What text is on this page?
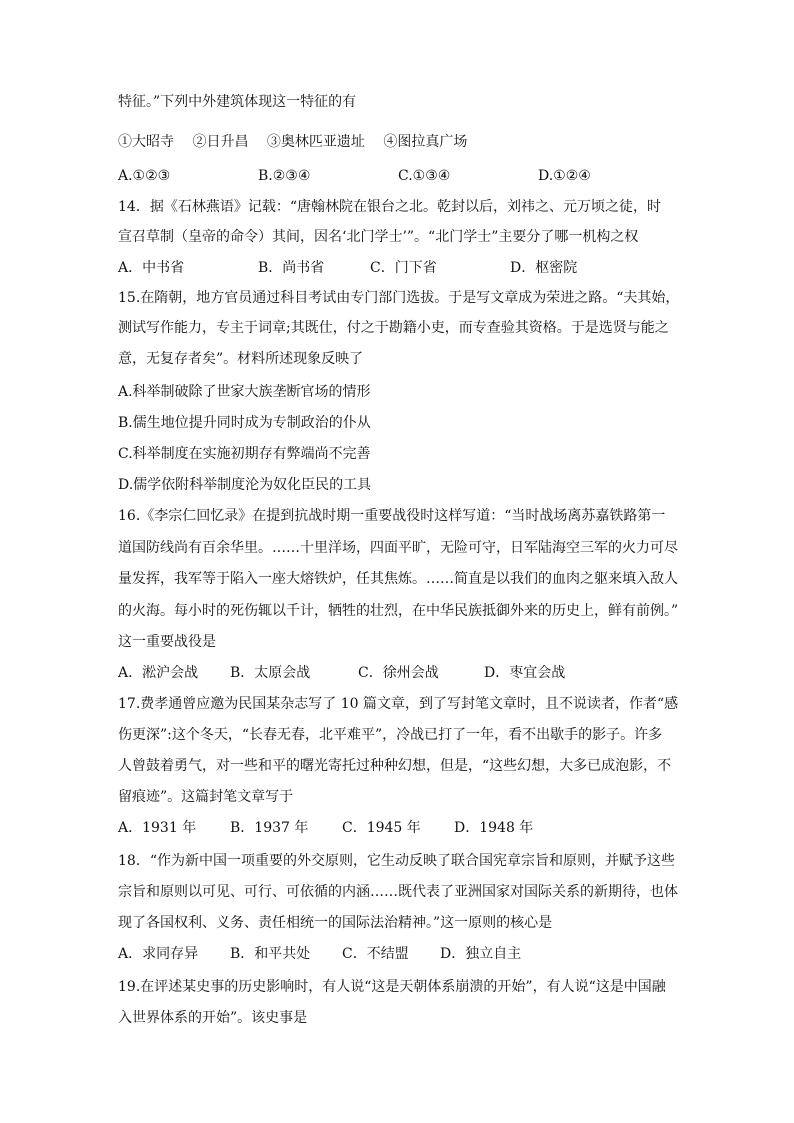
特征。”下列中外建筑体现这一特征的有
①大昭寺　 ②日升昌　 ③奥林匹亚遗址　 ④图拉真广场
A.①②③	B.②③④	C.①③④	D.①②④
14．据《石林燕语》记载：“唐翰林院在银台之北。乾封以后，刘祎之、元万顷之徒，时
宣召草制（皇帝的命令）其间，因名‘北门学士’”。“北门学士”主要分了哪一机构之权
A．中书省	B．尚书省	C．门下省	D．枢密院
15.在隋朝，地方官员通过科目考试由专门部门选拔。于是写文章成为荣进之路。“夫其始，
测试写作能力，专主于词章;其既仕，付之于勘籍小吏，而专查验其资格。于是选贤与能之
意，无复存者矣”。材料所述现象反映了
A.科举制破除了世家大族垄断官场的情形
B.儒生地位提升同时成为专制政治的仆从
C.科举制度在实施初期存有弊端尚不完善
D.儒学依附科举制度沦为奴化臣民的工具
16.《李宗仁回忆录》在提到抗战时期一重要战役时这样写道：“当时战场离苏嘉铁路第一
道国防线尚有百余华里。……十里洋场，四面平旷，无险可守，日军陆海空三军的火力可尽
量发挥，我军等于陷入一座大熔铁炉，任其焦炼。……简直是以我们的血肉之躯来填入敌人
的火海。每小时的死伤辄以千计，牺牲的壮烈，在中华民族抵御外来的历史上，鲜有前例。”
这一重要战役是
A．淞沪会战 B．太原会战	C．徐州会战	D．枣宜会战
17.费孝通曾应邀为民国某杂志写了 10 篇文章，到了写封笔文章时，且不说读者，作者“感
伤更深”:这个冬天，“长春无春，北平难平”，冷战已打了一年，看不出歇手的影子。许多
人曾鼓着勇气，对一些和平的曙光寄托过种种幻想，但是，“这些幻想，大多已成泡影，不
留痕迹”。这篇封笔文章写于
A．1931 年 B．1937 年 C．1945 年 D．1948 年
18．“作为新中国一项重要的外交原则，它生动反映了联合国宪章宗旨和原则，并赋予这些
宗旨和原则以可见、可行、可依循的内涵……既代表了亚洲国家对国际关系的新期待，也体
现了各国权利、义务、责任相统一的国际法治精神。”这一原则的核心是
A．求同存异 B．和平共处 C．不结盟 D．独立自主
19.在评述某史事的历史影响时，有人说“这是天朝体系崩溃的开始”，有人说“这是中国融
入世界体系的开始”。该史事是
